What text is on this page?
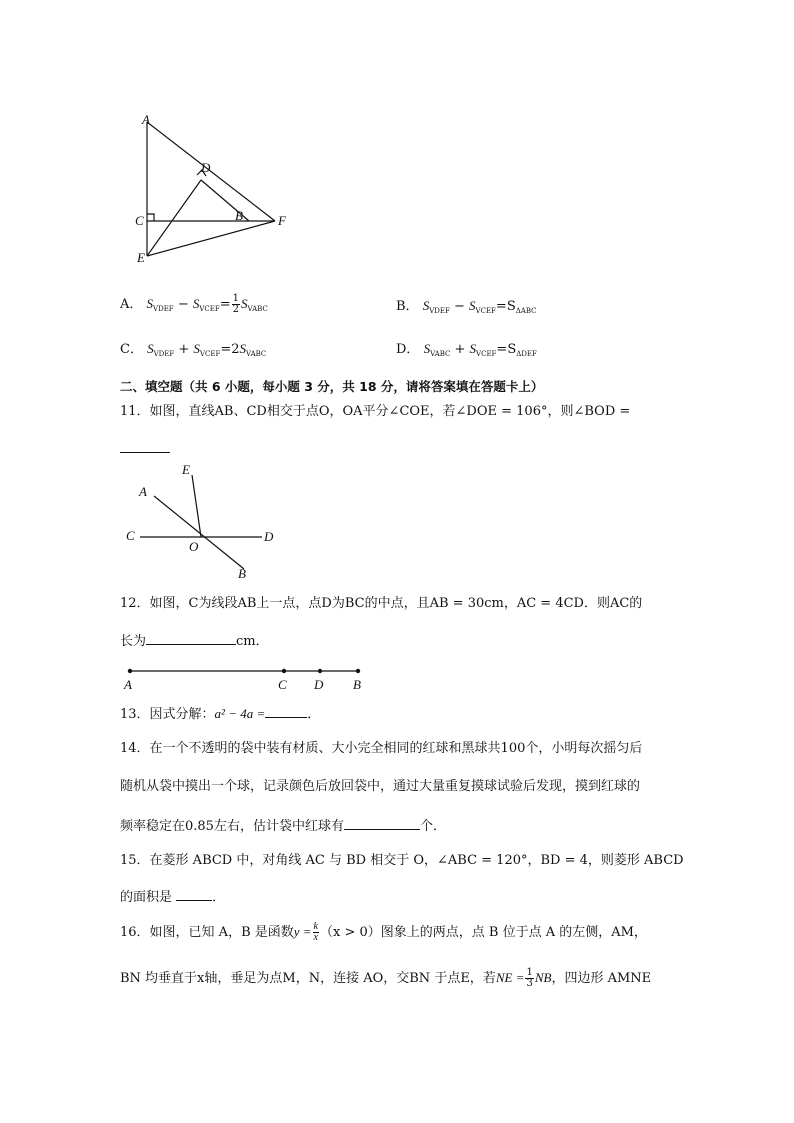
A
D
C	B	F
E
A． $S_{VDEF} - S_{VCEF}= \frac{1}{2} S_{VABC}$	B． $S_{VDEF} - S_{VCEF}=S_{\Delta ABC}$
C． $S_{VDEF} + S_{VCEF}=2S_{VABC}$	D． $S_{VABC} + S_{VCEF}=S_{\Delta DEF}$
二、填空题（共 6 小题，每小题 3 分，共 18 分，请将答案填在答题卡上）
11．如图，直线AB、CD相交于点O，OA平分∠COE，若∠DOE = 106°，则∠BOD =
E
A
C
O
D
B
12．如图，C为线段AB上一点，点D为BC的中点，且AB = 30cm，AC = 4CD．则AC的
长为	cm．
A	C D B
13．因式分解：a² − 4a =	．
14．在一个不透明的袋中装有材质、大小完全相同的红球和黑球共100个，小明每次摇匀后
随机从袋中摸出一个球，记录颜色后放回袋中，通过大量重复摸球试验后发现，摸到红球的
频率稳定在0.85左右，估计袋中红球有	个．
15．在菱形 ABCD 中，对角线 AC 与 BD 相交于 O，∠ABC = 120°，BD = 4，则菱形 ABCD
的面积是	．
16．如图，已知 A，B 是函数$y = \frac{k}{x} (x > 0)$图象上的两点，点 B 位于点 A 的左侧，AM，
BN 均垂直于x轴，垂足为点M，N，连接 AO，交BN 于点E，若NE = $\frac{1}{3}$ NB，四边形 AMNE
